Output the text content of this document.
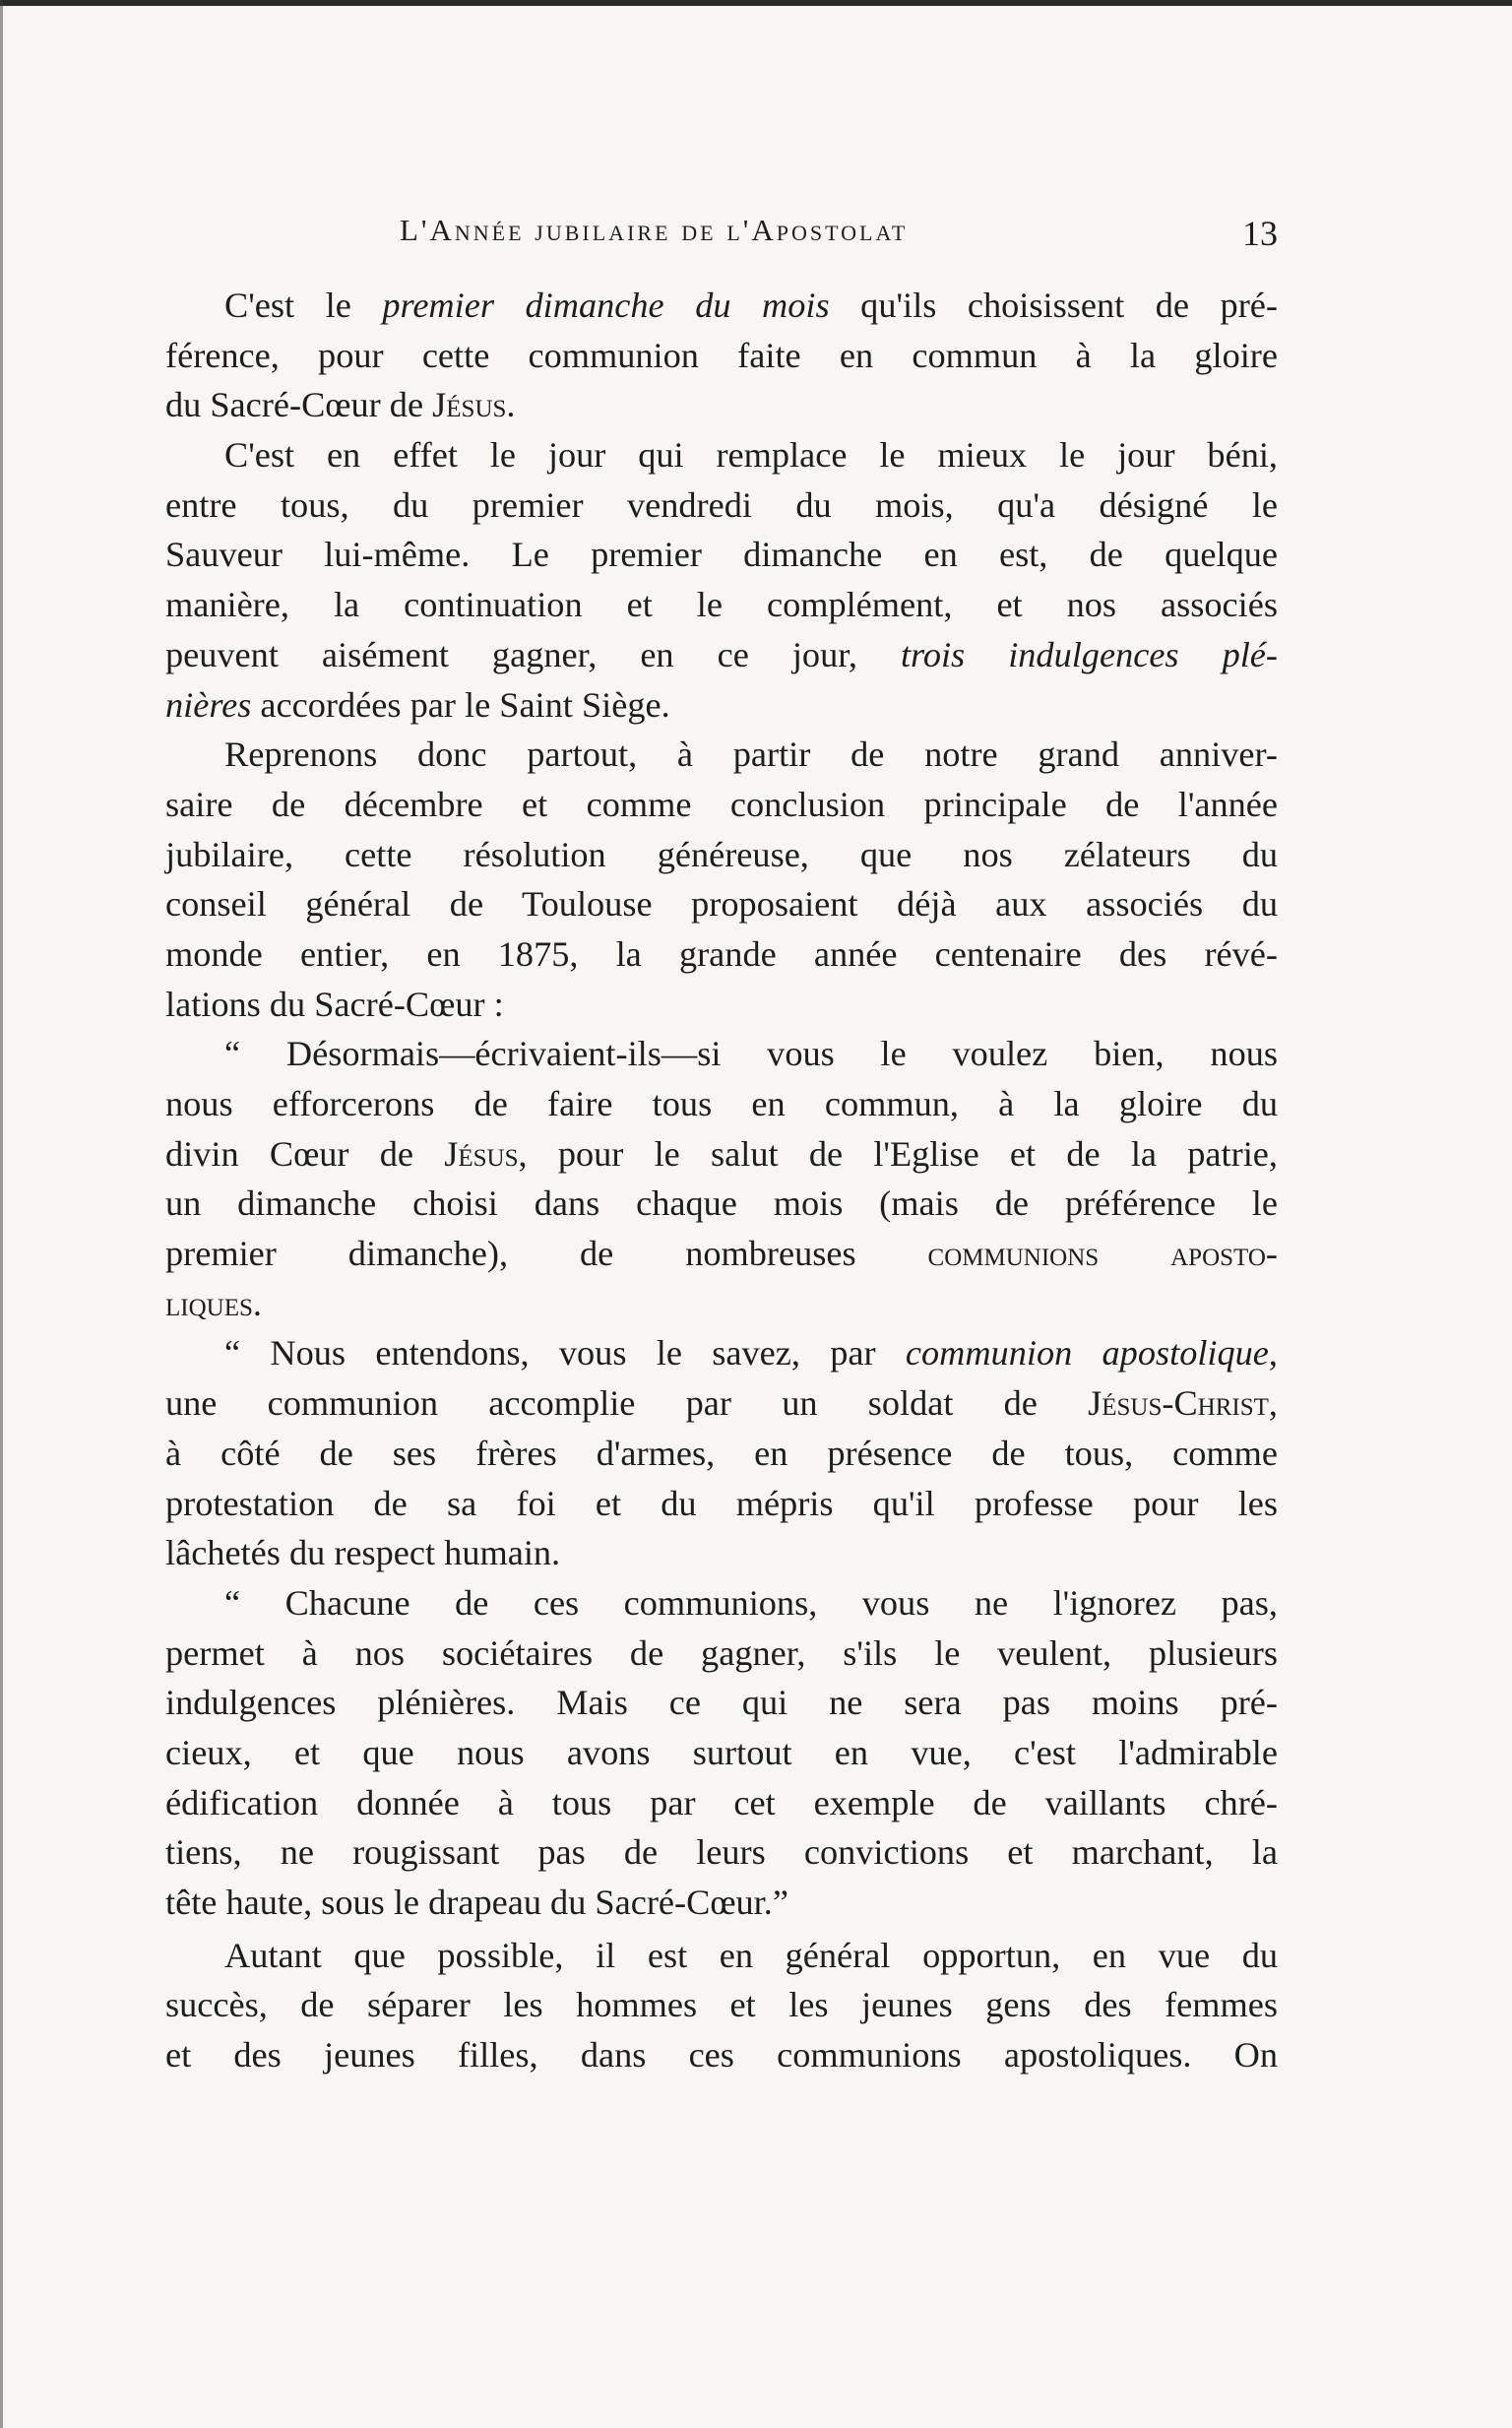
L'Année jubilaire de l'Apostolat	13
C'est le premier dimanche du mois qu'ils choisissent de pré-
férence, pour cette communion faite en commun à la gloire
du Sacré-Cœur de Jésus.
C'est en effet le jour qui remplace le mieux le jour béni,
entre tous, du premier vendredi du mois, qu'a désigné le
Sauveur lui-même. Le premier dimanche en est, de quelque
manière, la continuation et le complément, et nos associés
peuvent aisément gagner, en ce jour, trois indulgences plé-
nières accordées par le Saint Siège.
Reprenons donc partout, à partir de notre grand anniver-
saire de décembre et comme conclusion principale de l'année
jubilaire, cette résolution généreuse, que nos zélateurs du
conseil général de Toulouse proposaient déjà aux associés du
monde entier, en 1875, la grande année centenaire des révé-
lations du Sacré-Cœur :
“ Désormais—écrivaient-ils—si vous le voulez bien, nous
nous efforcerons de faire tous en commun, à la gloire du
divin Cœur de Jésus, pour le salut de l'Eglise et de la patrie,
un dimanche choisi dans chaque mois (mais de préférence le
premier dimanche), de nombreuses communions aposto-
liques.
“ Nous entendons, vous le savez, par communion apostolique,
une communion accomplie par un soldat de Jésus-Christ,
à côté de ses frères d'armes, en présence de tous, comme
protestation de sa foi et du mépris qu'il professe pour les
lâchetés du respect humain.
“ Chacune de ces communions, vous ne l'ignorez pas,
permet à nos sociétaires de gagner, s'ils le veulent, plusieurs
indulgences plénières. Mais ce qui ne sera pas moins pré-
cieux, et que nous avons surtout en vue, c'est l'admirable
édification donnée à tous par cet exemple de vaillants chré-
tiens, ne rougissant pas de leurs convictions et marchant, la
tête haute, sous le drapeau du Sacré-Cœur.”
Autant que possible, il est en général opportun, en vue du
succès, de séparer les hommes et les jeunes gens des femmes
et des jeunes filles, dans ces communions apostoliques. On
